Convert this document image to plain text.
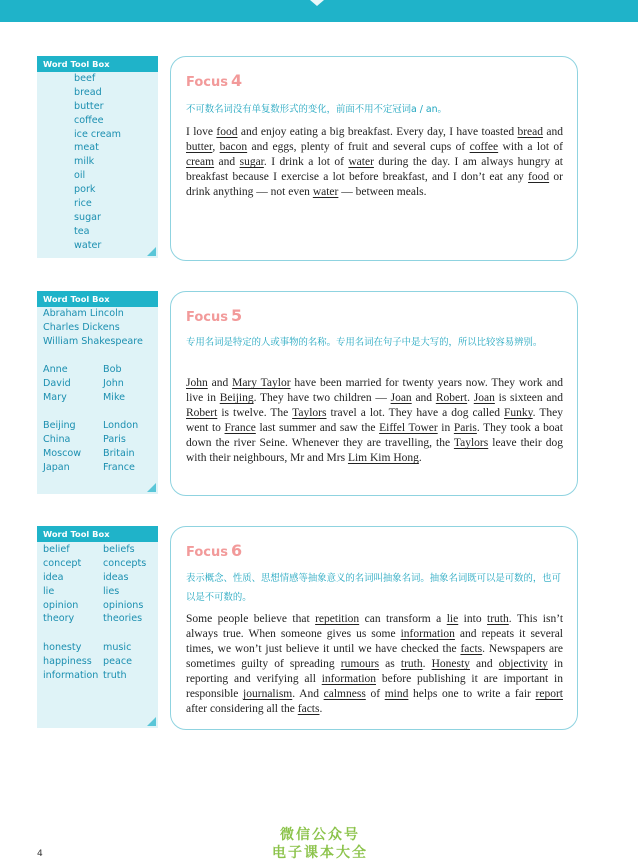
Word Tool Box
beef
bread
butter
coffee
ice cream
meat
milk
oil
pork
rice
sugar
tea
water
Focus 4
不可数名词没有单复数形式的变化，前面不用不定冠词a / an。
I love food and enjoy eating a big breakfast. Every day, I have toasted bread and butter, bacon and eggs, plenty of fruit and several cups of coffee with a lot of cream and sugar. I drink a lot of water during the day. I am always hungry at breakfast because I exercise a lot before breakfast, and I don’t eat any food or drink anything — not even water — between meals.
Word Tool Box
Abraham Lincoln
Charles Dickens
William Shakespeare
Anne	Bob
David	John
Mary	Mike
Beijing	London
China	Paris
Moscow Britain
Japan	France
Focus 5
专用名词是特定的人或事物的名称。专用名词在句子中是大写的，所以比较容易辨别。
John and Mary Taylor have been married for twenty years now. They work and live in Beijing. They have two children — Joan and Robert. Joan is sixteen and Robert is twelve. The Taylors travel a lot. They have a dog called Funky. They went to France last summer and saw the Eiffel Tower in Paris. They took a boat down the river Seine. Whenever they are travelling, the Taylors leave their dog with their neighbours, Mr and Mrs Lim Kim Hong.
Word Tool Box
belief	beliefs
concept concepts
idea	ideas
lie	lies
opinion	opinions
theory	theories
honesty music
happiness peace
information truth
Focus 6
表示概念、性质、思想情感等抽象意义的名词叫抽象名词。抽象名词既可以是可数的，也可以是不可数的。
Some people believe that repetition can transform a lie into truth. This isn’t always true. When someone gives us some information and repeats it several times, we won’t just believe it until we have checked the facts. Newspapers are sometimes guilty of spreading rumours as truth. Honesty and objectivity in reporting and verifying all information before publishing it are important in responsible journalism. And calmness of mind helps one to write a fair report after considering all the facts.
4
微信公众号
电子课本大全
